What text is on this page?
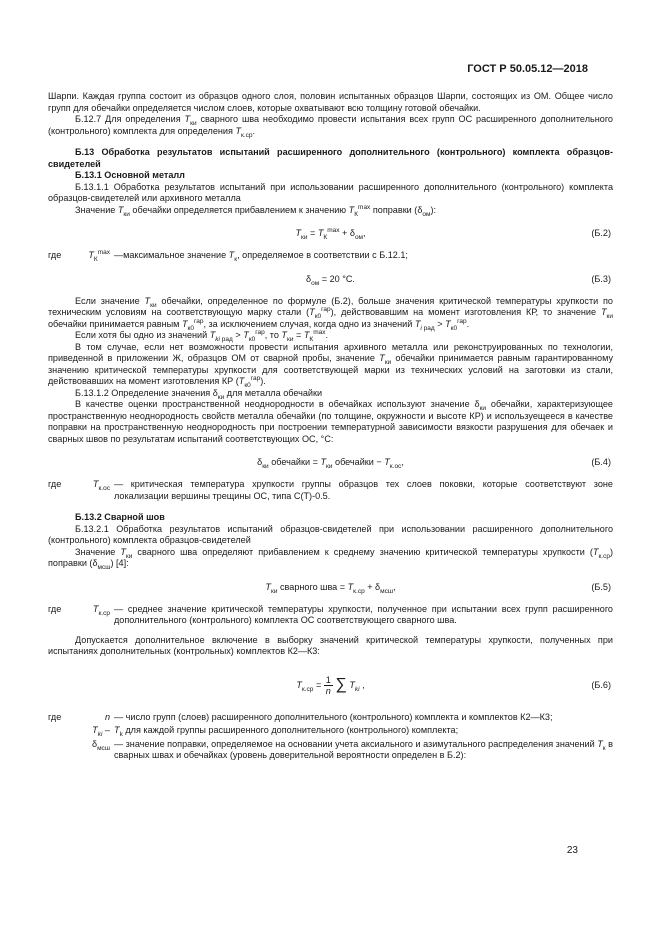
ГОСТ Р 50.05.12—2018

Шарпи. Каждая группа состоит из образцов одного слоя, половин испытанных образцов Шарпи, состоящих из ОМ. Общее число групп для обечайки определяется числом слоев, которые охватывают всю толщину готовой обечайки.

Б.12.7 Для определения $T_{ки}$ сварного шва необходимо провести испытания всех групп ОС расширенного дополнительного (контрольного) комплекта для определения $T_{к.ср}$.

Б.13 Обработка результатов испытаний расширенного дополнительного (контрольного) комплекта образцов-свидетелей

Б.13.1 Основной металл

Б.13.1.1 Обработка результатов испытаний при использовании расширенного дополнительного (контрольного) комплекта образцов-свидетелей или архивного металла

Значение $T_{ки}$ обечайки определяется прибавлением к значению $T_К^{max}$ поправки $(\delta_{ом})$:

$T_{ки} = T_К^{max} + \delta_{ом}$,	(Б.2)
где	$T_К^{max}$ —максимальное значение $T_к$, определяемое в соответствии с Б.12.1;
$\delta_{ом} = 20$ °C.	(Б.3)

Если значение $T_{ки}$ обечайки, определенное по формуле (Б.2), больше значения критической температуры хрупкости по техническим условиям на соответствующую марку стали $(T_{к0}^{гар})$, действовавшим на момент изготовления КР, то значение $T_{ки}$ обечайки принимается равным $T_{к0}^{гар}$, за исключением случая, когда одно из значений $T_{i рад} > T_{к0}^{гар}$.

Если хотя бы одно из значений $T_{ki рад} > T_{к0}^{гар}$, то $T_{ки} = T_К^{max}$.

В том случае, если нет возможности провести испытания архивного металла или реконструированных по технологии, приведенной в приложении Ж, образцов ОМ от сварной пробы, значение $T_{ки}$ обечайки принимается равным гарантированному значению критической температуры хрупкости для соответствующей марки из технических условий на заготовки из стали, действовавших на момент изготовления КР $(T_{к0}^{гар})$.

Б.13.1.2 Определение значения $\delta_{ки}$ для металла обечайки

В качестве оценки пространственной неоднородности в обечайках используют значение $\delta_{ки}$ обечайки, характеризующее пространственную неоднородность свойств металла обечайки (по толщине, окружности и высоте КР) и используещееся в качестве поправки на пространственную неоднородность при построении температурной зависимости вязкости разрушения для обечаек и сварных швов по результатам испытаний соответствующих ОС, °C:

$\delta_{ки}$ обечайки = $T_{ки}$ обечайки − $T_{к.ос}$,	(Б.4)
где	$T_{к.ос}$ — критическая температура хрупкости группы образцов тех слоев поковки, которые соответствуют зоне локализации вершины трещины ОС, типа С(Т)-0.5.

Б.13.2 Сварной шов

Б.13.2.1 Обработка результатов испытаний образцов-свидетелей при использовании расширенного дополнительного (контрольного) комплекта образцов-свидетелей

Значение $T_{ки}$ сварного шва определяют прибавлением к среднему значению критической температуры хрупкости $(T_{к.ср})$ поправки $(\delta_{мсш})$ [4]:

$T_{ки}$ сварного шва = $T_{к.ср} + \delta_{мсш}$,	(Б.5)
где	$T_{к.ср}$ — среднее значение критической температуры хрупкости, полученное при испытании всех групп расширенного дополнительного (контрольного) комплекта ОС соответствующего сварного шва.

Допускается дополнительное включение в выборку значений критической температуры хрупкости, полученных при испытаниях дополнительных (контрольных) комплектов К2—К3:

$T_{к.ср} = \frac{1}{n}$ ∑ $T_{ki}$ ,	(Б.6)
где	n — число групп (слоев) расширенного дополнительного (контрольного) комплекта и комплектов К2—К3;
$T_{ki} - T_k$ для каждой группы расширенного дополнительного (контрольного) комплекта;
$\delta_{мсш}$ — значение поправки, определяемое на основании учета аксиального и азимутального распределения значений $T_к$ в сварных швах и обечайках (уровень доверительной вероятности определен в Б.2):
23
